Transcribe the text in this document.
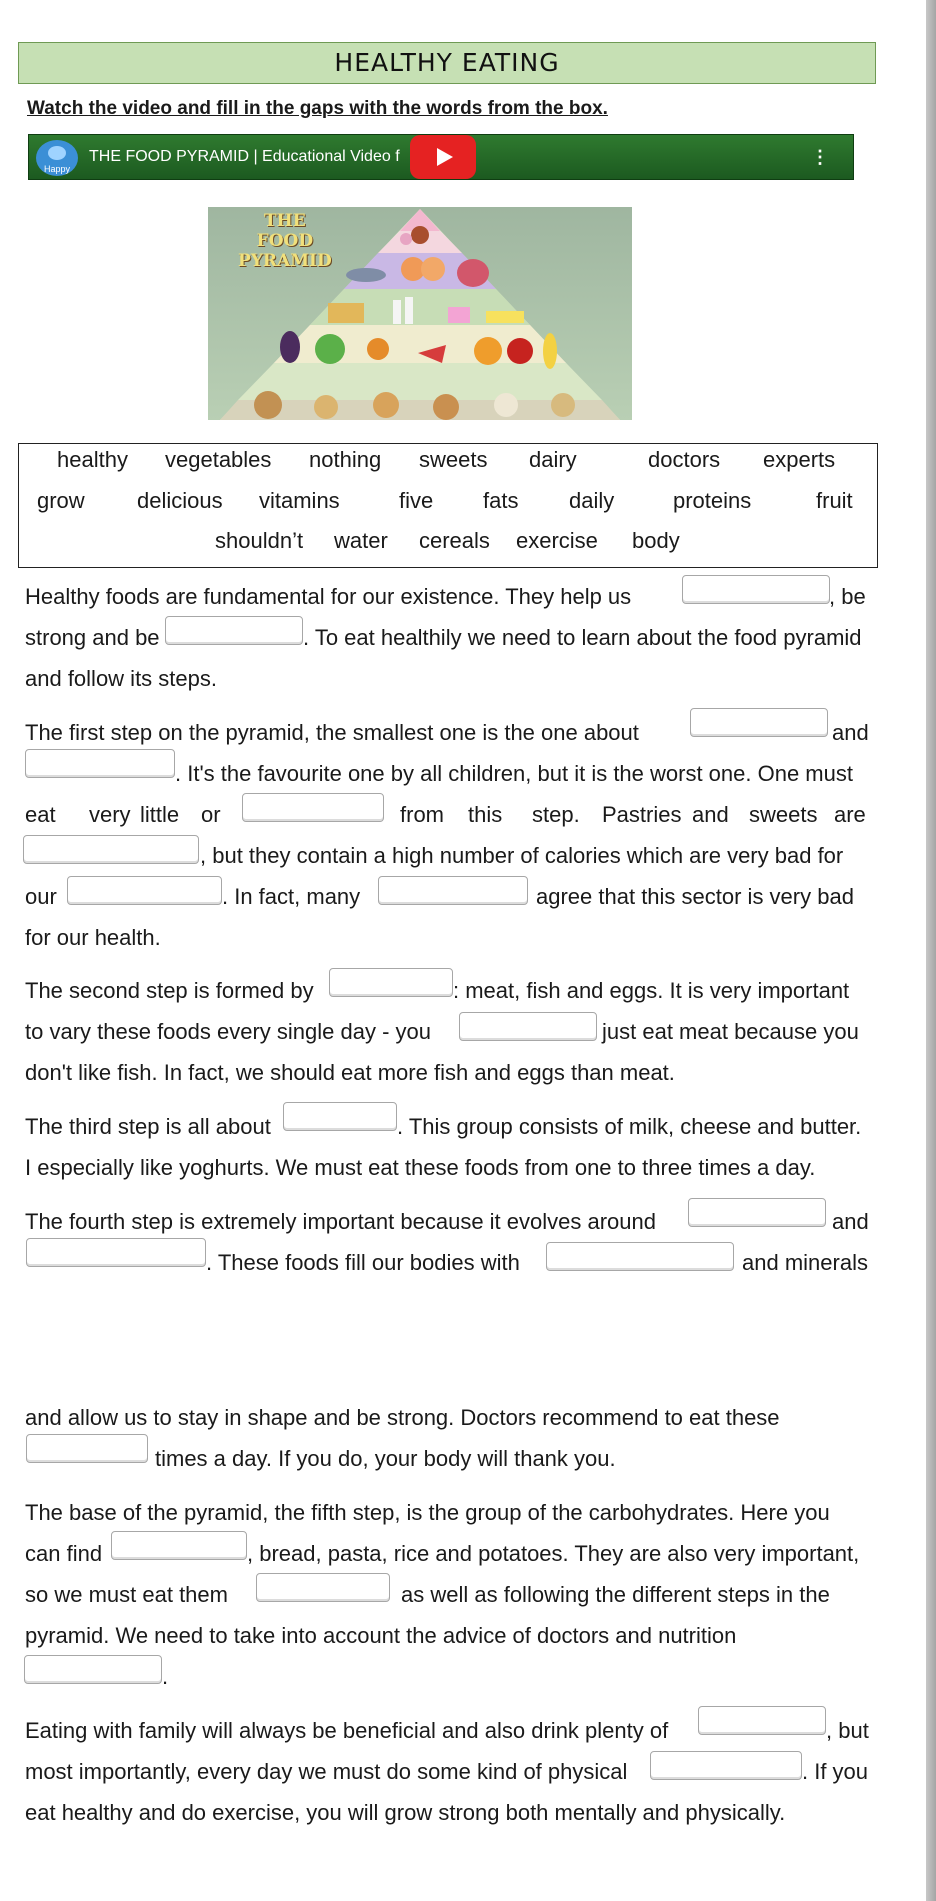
HEALTHY EATING
Watch the video and fill in the gaps with the words from the box.
Happy
THE FOOD PYRAMID | Educational Video f	⋮
THE
FOOD
PYRAMID
healthy vegetables nothing sweets dairy	doctors experts
grow delicious vitamins	five fats daily	proteins	fruit
shouldn’t water cereals exercise body
Healthy foods are fundamental for our existence. They help us	, be
strong and be	. To eat healthily we need to learn about the food pyramid
and follow its steps.
The first step on the pyramid, the smallest one is the one about	and
. It's the favourite one by all children, but it is the worst one. One must
eat very little or	from this step. Pastries and sweets are
, but they contain a high number of calories which are very bad for
our	. In fact, many	agree that this sector is very bad
for our health.
The second step is formed by	: meat, fish and eggs. It is very important
to vary these foods every single day - you	just eat meat because you
don't like fish. In fact, we should eat more fish and eggs than meat.
The third step is all about	. This group consists of milk, cheese and butter.
I especially like yoghurts. We must eat these foods from one to three times a day.
The fourth step is extremely important because it evolves around	and
. These foods fill our bodies with	and minerals
and allow us to stay in shape and be strong. Doctors recommend to eat these
times a day. If you do, your body will thank you.
The base of the pyramid, the fifth step, is the group of the carbohydrates. Here you
can find	, bread, pasta, rice and potatoes. They are also very important,
so we must eat them	as well as following the different steps in the
pyramid. We need to take into account the advice of doctors and nutrition
.
Eating with family will always be beneficial and also drink plenty of	, but
most importantly, every day we must do some kind of physical	. If you
eat healthy and do exercise, you will grow strong both mentally and physically.
